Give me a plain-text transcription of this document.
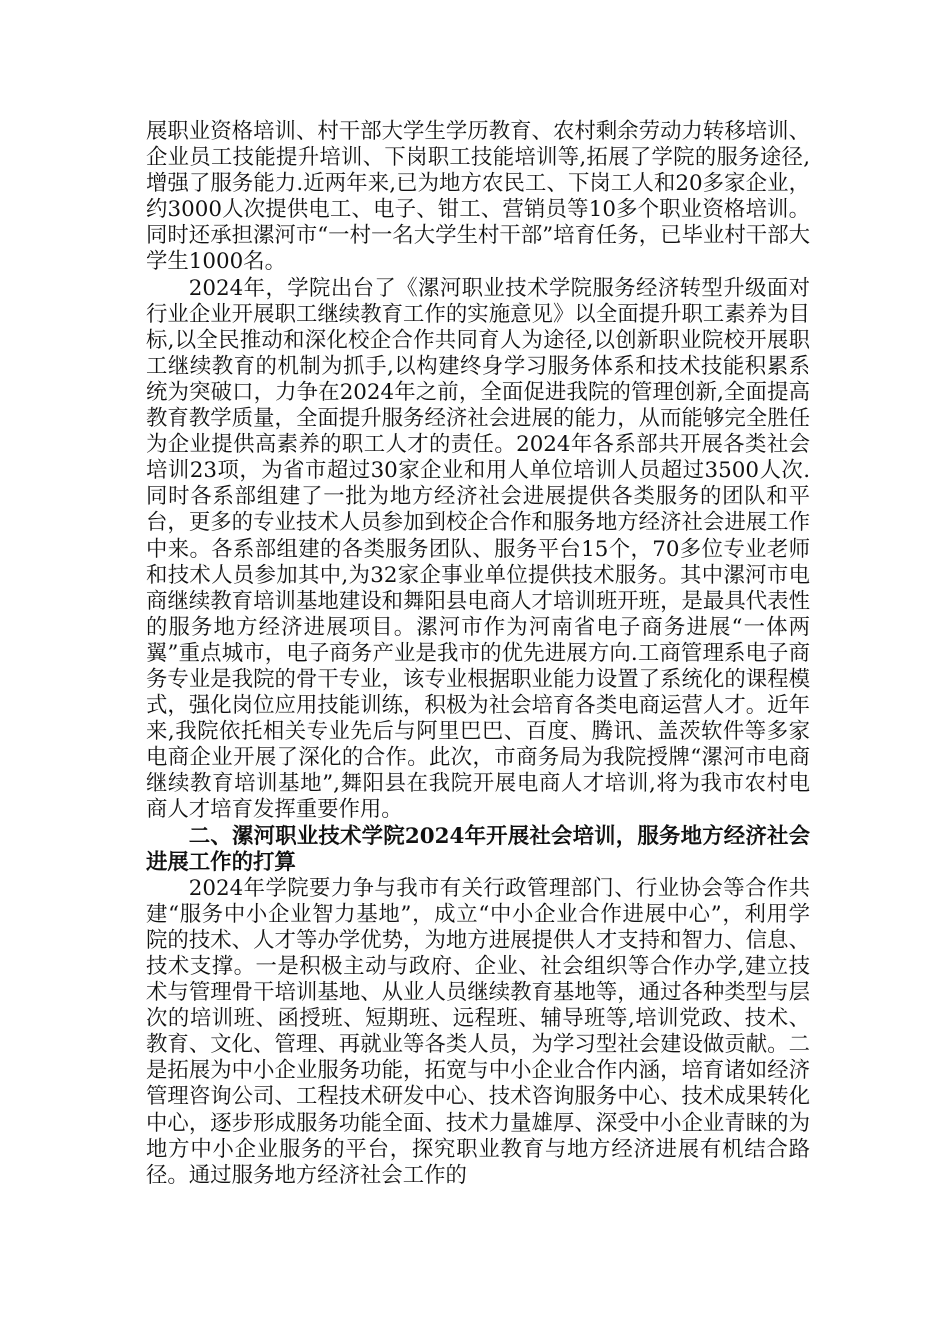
展职业资格培训、村干部大学生学历教育、农村剩余劳动力转移培训、企业员工技能提升培训、下岗职工技能培训等,拓展了学院的服务途径,增强了服务能力.近两年来,已为地方农民工、下岗工人和20多家企业，约3000人次提供电工、电子、钳工、营销员等10多个职业资格培训。同时还承担漯河市“一村一名大学生村干部”培育任务，已毕业村干部大学生1000名。

2024年，学院出台了《漯河职业技术学院服务经济转型升级面对行业企业开展职工继续教育工作的实施意见》以全面提升职工素养为目标,以全民推动和深化校企合作共同育人为途径,以创新职业院校开展职工继续教育的机制为抓手,以构建终身学习服务体系和技术技能积累系统为突破口，力争在2024年之前，全面促进我院的管理创新,全面提高教育教学质量，全面提升服务经济社会进展的能力，从而能够完全胜任为企业提供高素养的职工人才的责任。2024年各系部共开展各类社会培训23项，为省市超过30家企业和用人单位培训人员超过3500人次.同时各系部组建了一批为地方经济社会进展提供各类服务的团队和平台，更多的专业技术人员参加到校企合作和服务地方经济社会进展工作中来。各系部组建的各类服务团队、服务平台15个，70多位专业老师和技术人员参加其中,为32家企事业单位提供技术服务。其中漯河市电商继续教育培训基地建设和舞阳县电商人才培训班开班，是最具代表性的服务地方经济进展项目。漯河市作为河南省电子商务进展“一体两翼”重点城市，电子商务产业是我市的优先进展方向.工商管理系电子商务专业是我院的骨干专业，该专业根据职业能力设置了系统化的课程模式，强化岗位应用技能训练，积极为社会培育各类电商运营人才。近年来,我院依托相关专业先后与阿里巴巴、百度、腾讯、盖茨软件等多家电商企业开展了深化的合作。此次，市商务局为我院授牌“漯河市电商继续教育培训基地”,舞阳县在我院开展电商人才培训,将为我市农村电商人才培育发挥重要作用。

二、漯河职业技术学院2024年开展社会培训，服务地方经济社会进展工作的打算

2024年学院要力争与我市有关行政管理部门、行业协会等合作共建“服务中小企业智力基地”，成立“中小企业合作进展中心”，利用学院的技术、人才等办学优势，为地方进展提供人才支持和智力、信息、技术支撑。一是积极主动与政府、企业、社会组织等合作办学,建立技术与管理骨干培训基地、从业人员继续教育基地等，通过各种类型与层次的培训班、函授班、短期班、远程班、辅导班等,培训党政、技术、教育、文化、管理、再就业等各类人员，为学习型社会建设做贡献。二是拓展为中小企业服务功能，拓宽与中小企业合作内涵，培育诸如经济管理咨询公司、工程技术研发中心、技术咨询服务中心、技术成果转化中心，逐步形成服务功能全面、技术力量雄厚、深受中小企业青睐的为地方中小企业服务的平台，探究职业教育与地方经济进展有机结合路径。通过服务地方经济社会工作的
